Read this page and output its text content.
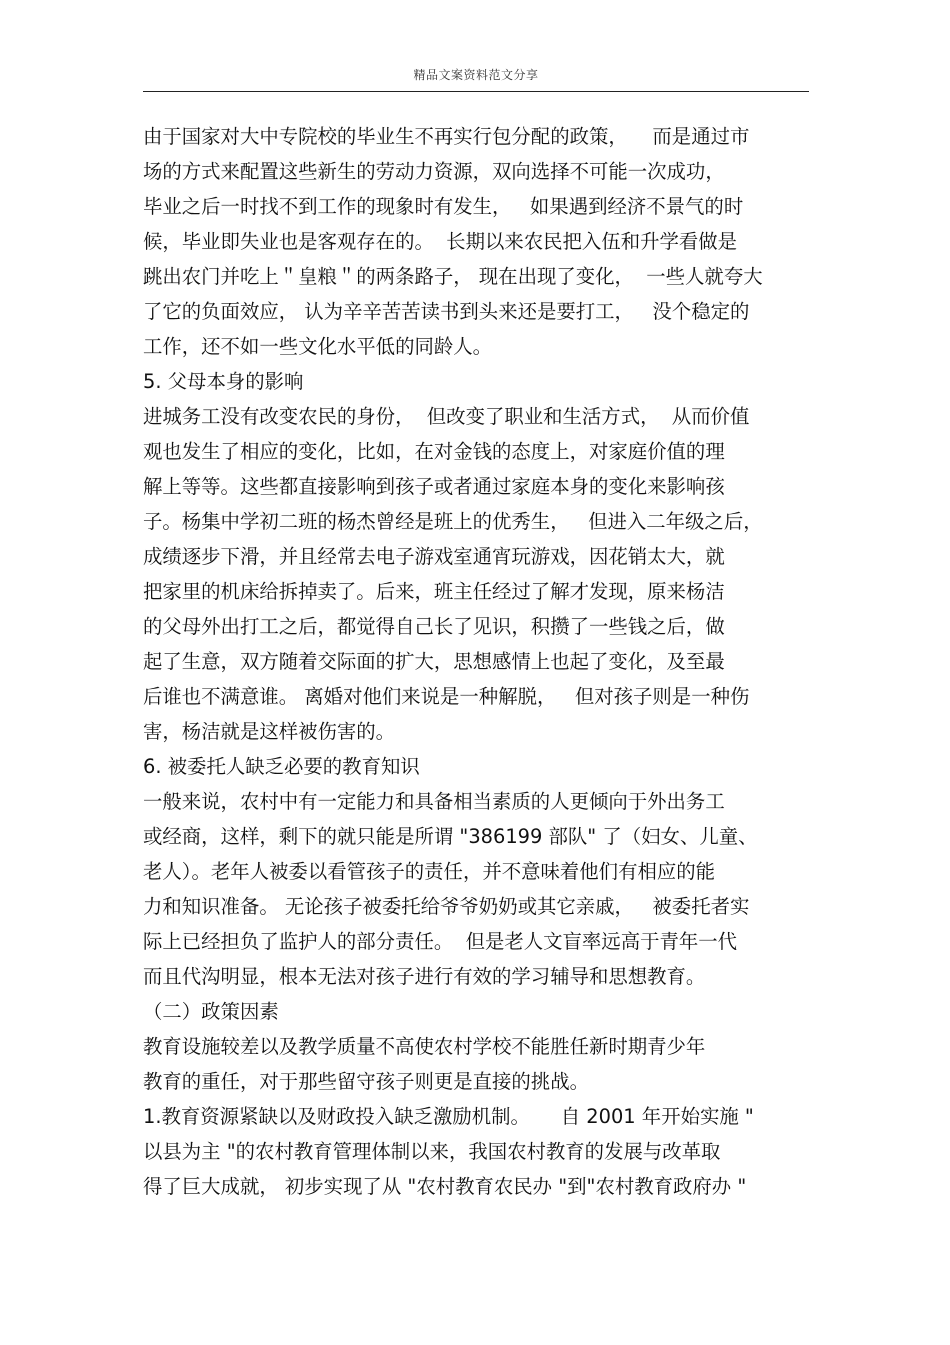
精品文案资料范文分享
由于国家对大中专院校的毕业生不再实行包分配的政策，    而是通过市
场的方式来配置这些新生的劳动力资源，双向选择不可能一次成功，
毕业之后一时找不到工作的现象时有发生，   如果遇到经济不景气的时
候，毕业即失业也是客观存在的。  长期以来农民把入伍和升学看做是
跳出农门并吃上＂皇粮＂的两条路子， 现在出现了变化，  一些人就夸大
了它的负面效应， 认为辛辛苦苦读书到头来还是要打工，   没个稳定的
工作，还不如一些文化水平低的同龄人。
5. 父母本身的影响
进城务工没有改变农民的身份，  但改变了职业和生活方式，  从而价值
观也发生了相应的变化，比如，在对金钱的态度上，对家庭价值的理
解上等等。这些都直接影响到孩子或者通过家庭本身的变化来影响孩
子。杨集中学初二班的杨杰曾经是班上的优秀生，   但进入二年级之后，
成绩逐步下滑，并且经常去电子游戏室通宵玩游戏，因花销太大，就
把家里的机床给拆掉卖了。后来，班主任经过了解才发现，原来杨洁
的父母外出打工之后，都觉得自己长了见识，积攒了一些钱之后，做
起了生意，双方随着交际面的扩大，思想感情上也起了变化，及至最
后谁也不满意谁。 离婚对他们来说是一种解脱，   但对孩子则是一种伤
害，杨洁就是这样被伤害的。
6. 被委托人缺乏必要的教育知识
一般来说，农村中有一定能力和具备相当素质的人更倾向于外出务工
或经商，这样，剩下的就只能是所谓 "386199 部队" 了（妇女、儿童、
老人）。老年人被委以看管孩子的责任，并不意味着他们有相应的能
力和知识准备。 无论孩子被委托给爷爷奶奶或其它亲戚，   被委托者实
际上已经担负了监护人的部分责任。  但是老人文盲率远高于青年一代
而且代沟明显，根本无法对孩子进行有效的学习辅导和思想教育。
（二）政策因素
教育设施较差以及教学质量不高使农村学校不能胜任新时期青少年
教育的重任，对于那些留守孩子则更是直接的挑战。
1.教育资源紧缺以及财政投入缺乏激励机制。     自 2001 年开始实施 "
以县为主 "的农村教育管理体制以来，我国农村教育的发展与改革取
得了巨大成就， 初步实现了从 "农村教育农民办 "到"农村教育政府办 "
